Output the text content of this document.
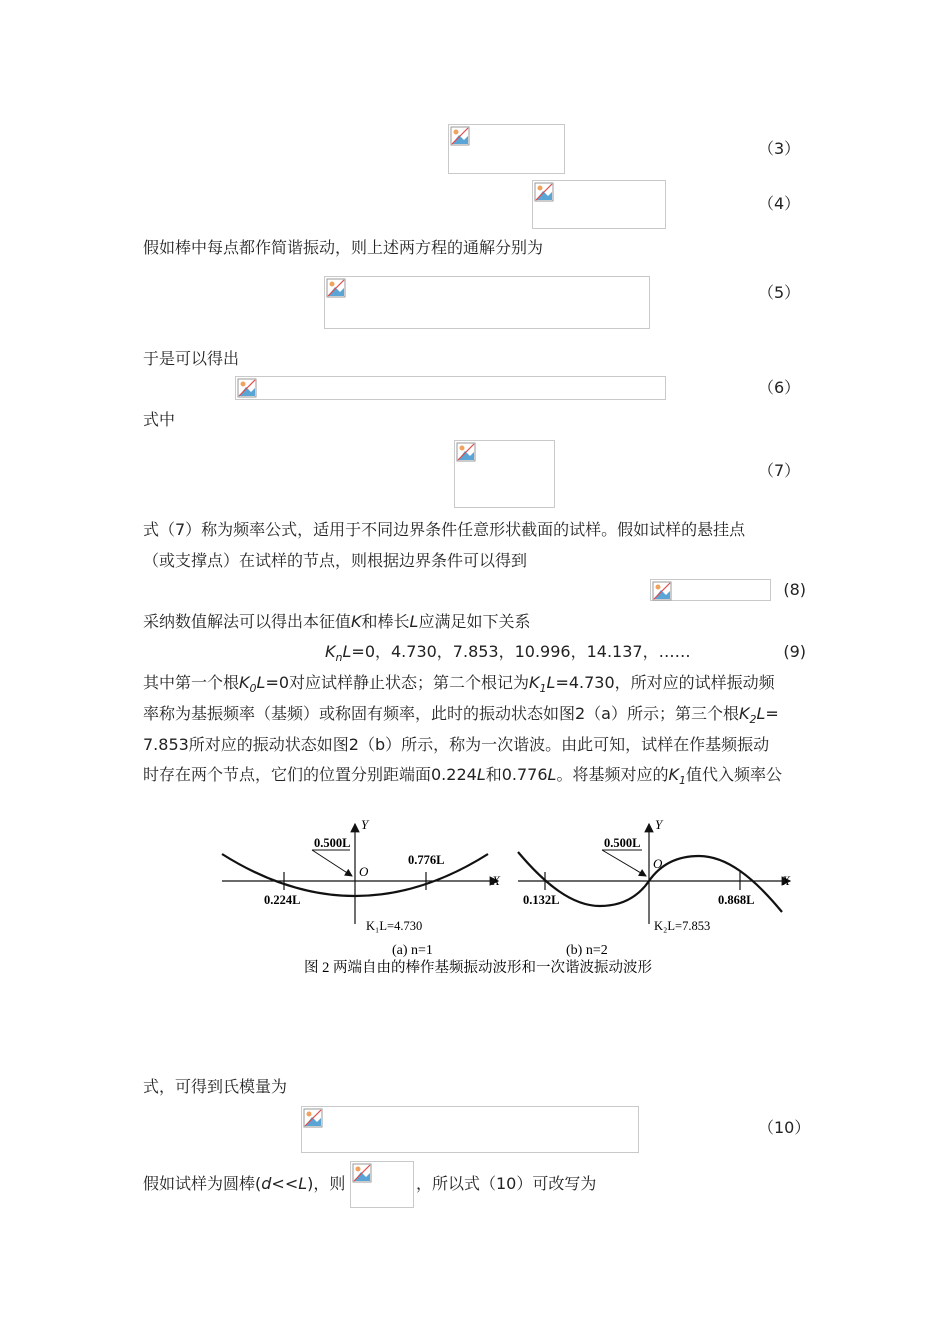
（3）
（4）
假如棒中每点都作简谐振动，则上述两方程的通解分别为
（5）
于是可以得出
（6）
式中
（7）
式（7）称为频率公式，适用于不同边界条件任意形状截面的试样。假如试样的悬挂点
（或支撑点）在试样的节点，则根据边界条件可以得到
(8)
采纳数值解法可以得出本征值K和棒长L应满足如下关系
$K_nL=0$，4.730，7.853，10.996，14.137，……	(9)
其中第一个根$K_0L=0$对应试样静止状态；第二个根记为$K_1L=4.730$，所对应的试样振动频
率称为基振频率（基频）或称固有频率，此时的振动状态如图2（a）所示；第三个根$K_2L=$
7.853所对应的振动状态如图2（b）所示，称为一次谐波。由此可知，试样在作基频振动
时存在两个节点，它们的位置分别距端面0.224L和0.776L。将基频对应的$K_1$值代入频率公
Y
X
O
0.500L
0.224L
0.776L
K₁L=4.730
(a) n=1
Y
X
O
0.500L
0.132L	0.868L
K₂L=7.853
(b) n=2
图 2 两端自由的棒作基频振动波形和一次谐波振动波形
式，可得到氏模量为
（10）
假如试样为圆棒(d<<L)，则	，所以式（10）可改写为
